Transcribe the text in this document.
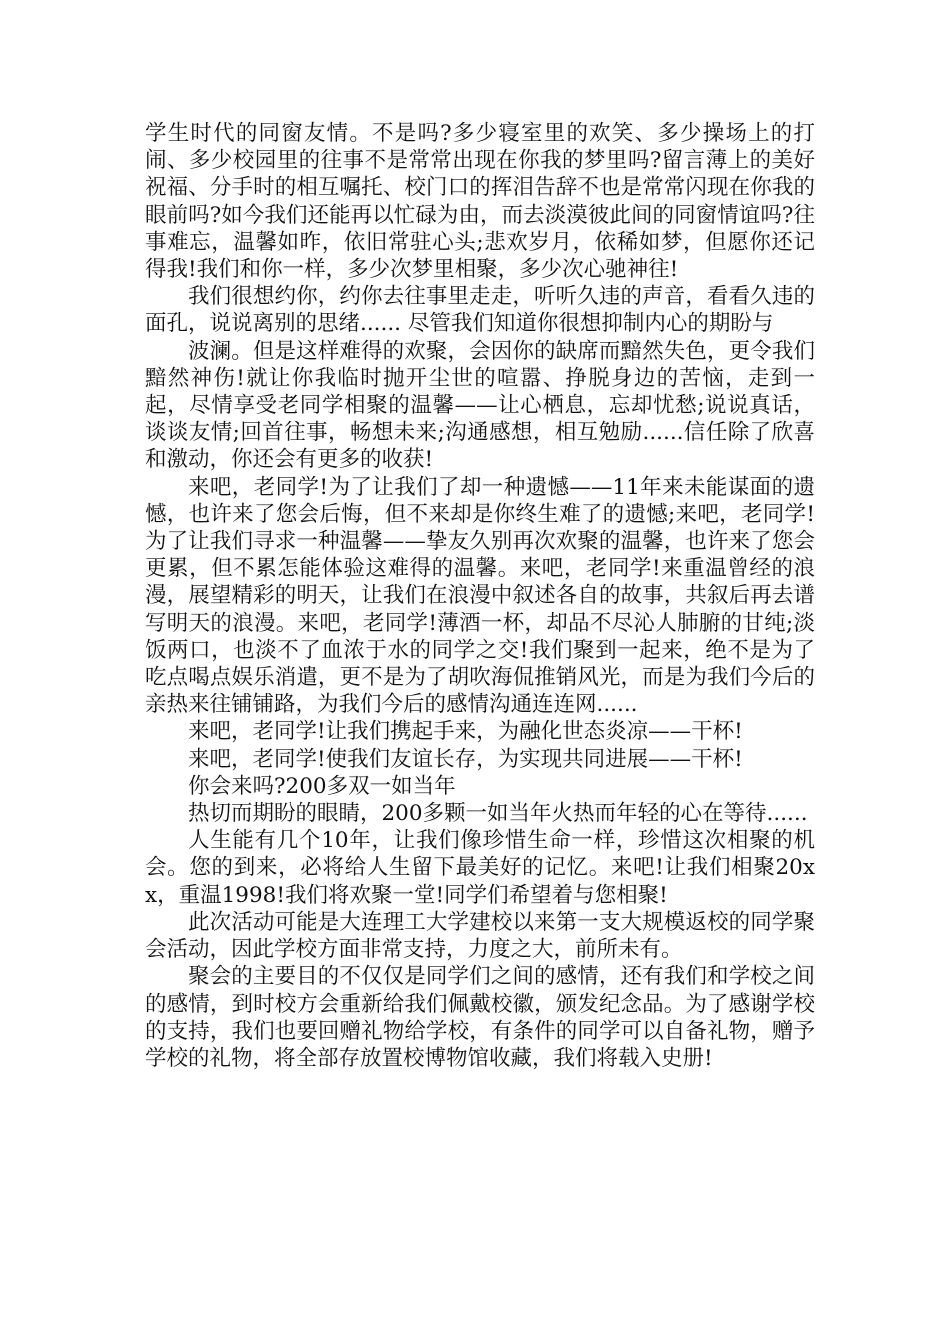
学生时代的同窗友情。不是吗?多少寝室里的欢笑、多少操场上的打闹、多少校园里的往事不是常常出现在你我的梦里吗?留言薄上的美好祝福、分手时的相互嘱托、校门口的挥泪告辞不也是常常闪现在你我的眼前吗?如今我们还能再以忙碌为由，而去淡漠彼此间的同窗情谊吗?往事难忘，温馨如昨，依旧常驻心头;悲欢岁月，依稀如梦，但愿你还记得我!我们和你一样，多少次梦里相聚，多少次心驰神往!

我们很想约你，约你去往事里走走，听听久违的声音，看看久违的面孔，说说离别的思绪...... 尽管我们知道你很想抑制内心的期盼与

波澜。但是这样难得的欢聚，会因你的缺席而黯然失色，更令我们黯然神伤!就让你我临时抛开尘世的喧嚣、挣脱身边的苦恼，走到一起，尽情享受老同学相聚的温馨——让心栖息，忘却忧愁;说说真话，谈谈友情;回首往事，畅想未来;沟通感想，相互勉励......信任除了欣喜和激动，你还会有更多的收获!

来吧，老同学!为了让我们了却一种遗憾——11年来未能谋面的遗憾，也许来了您会后悔，但不来却是你终生难了的遗憾;来吧，老同学!为了让我们寻求一种温馨——挚友久别再次欢聚的温馨，也许来了您会更累，但不累怎能体验这难得的温馨。来吧，老同学!来重温曾经的浪漫，展望精彩的明天，让我们在浪漫中叙述各自的故事，共叙后再去谱写明天的浪漫。来吧，老同学!薄酒一杯，却品不尽沁人肺腑的甘纯;淡饭两口，也淡不了血浓于水的同学之交!我们聚到一起来，绝不是为了吃点喝点娱乐消遣，更不是为了胡吹海侃推销风光，而是为我们今后的亲热来往铺铺路，为我们今后的感情沟通连连网......

来吧，老同学!让我们携起手来，为融化世态炎凉——干杯!

来吧，老同学!使我们友谊长存，为实现共同进展——干杯!

你会来吗?200多双一如当年

热切而期盼的眼睛，200多颗一如当年火热而年轻的心在等待......

人生能有几个10年，让我们像珍惜生命一样，珍惜这次相聚的机会。您的到来，必将给人生留下最美好的记忆。来吧!让我们相聚20xx，重温1998!我们将欢聚一堂!同学们希望着与您相聚!

此次活动可能是大连理工大学建校以来第一支大规模返校的同学聚会活动，因此学校方面非常支持，力度之大，前所未有。

聚会的主要目的不仅仅是同学们之间的感情，还有我们和学校之间的感情，到时校方会重新给我们佩戴校徽，颁发纪念品。为了感谢学校的支持，我们也要回赠礼物给学校，有条件的同学可以自备礼物，赠予学校的礼物，将全部存放置校博物馆收藏，我们将载入史册!
